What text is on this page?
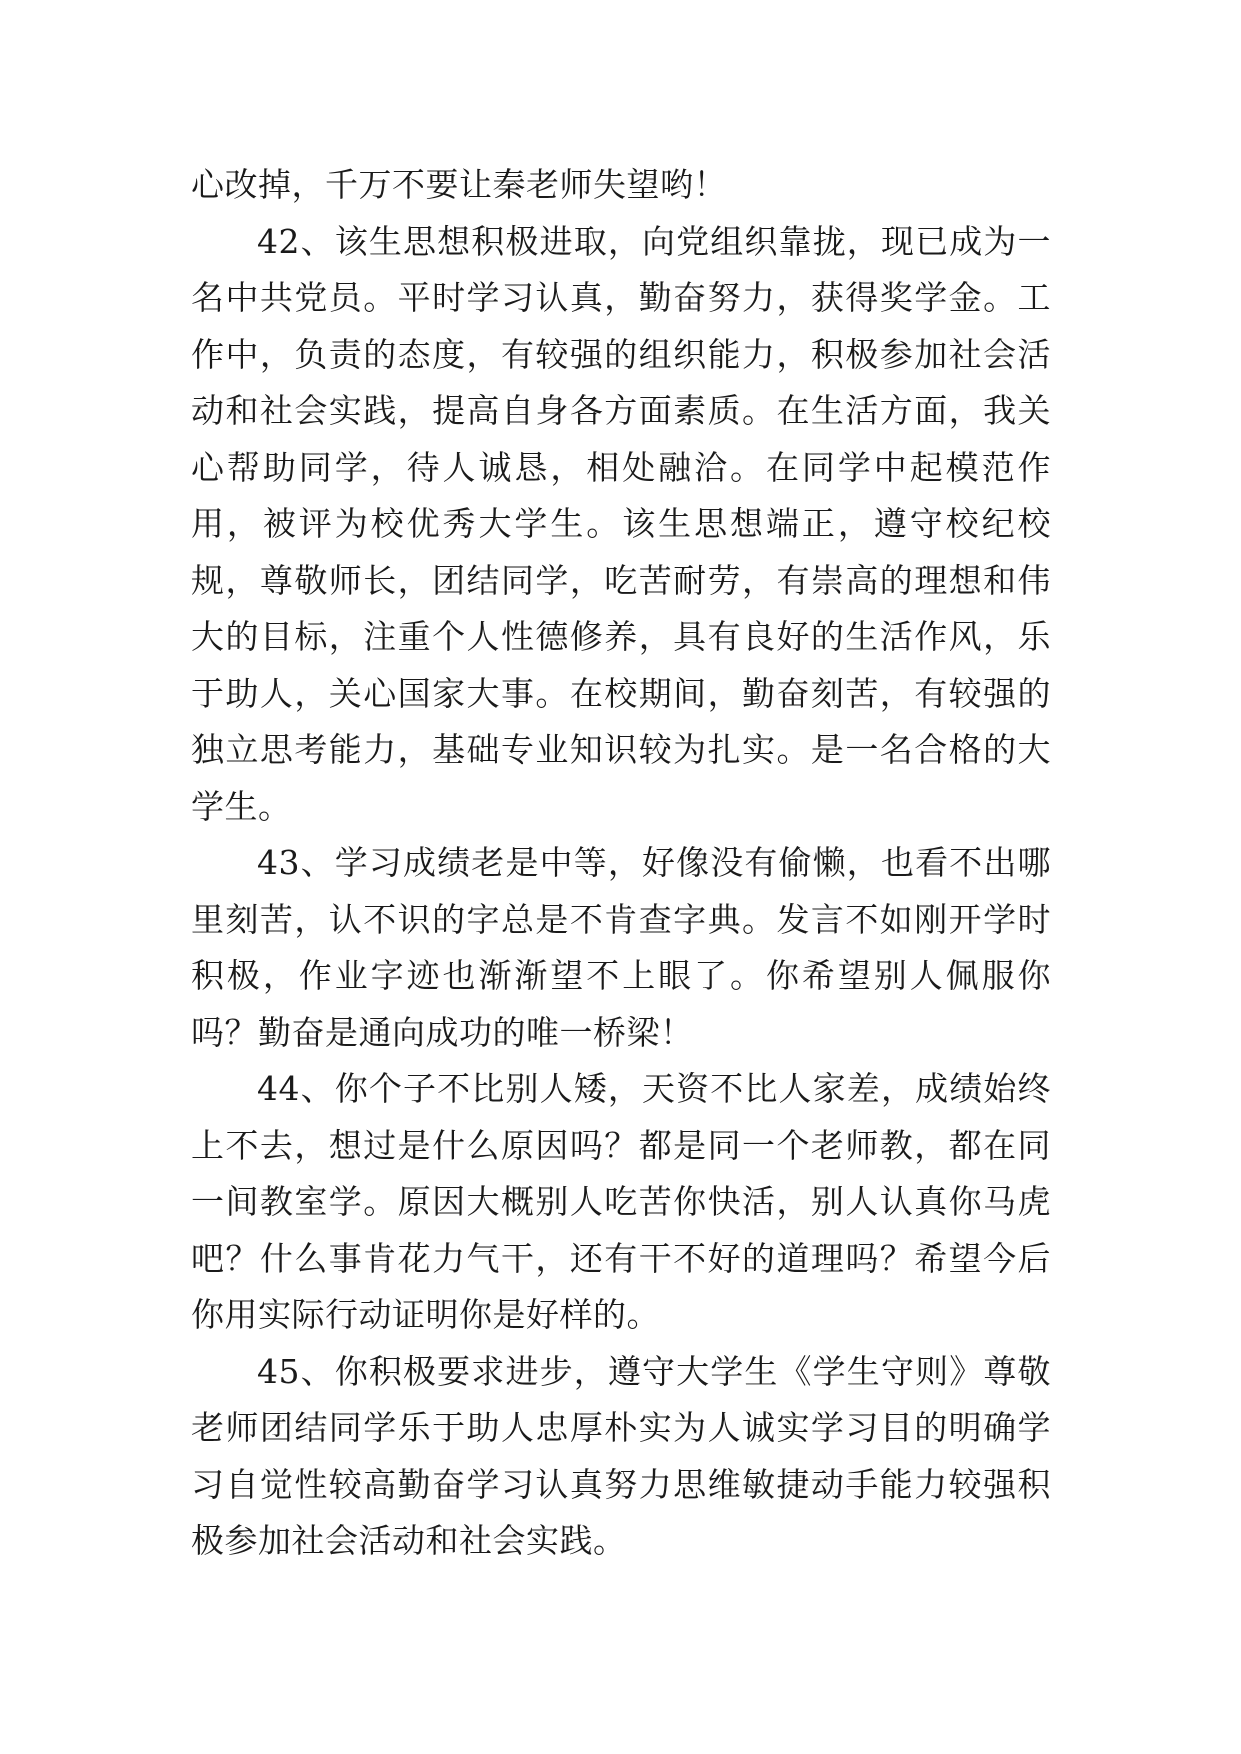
心改掉，千万不要让秦老师失望哟！

42、该生思想积极进取，向党组织靠拢，现已成为一名中共党员。平时学习认真，勤奋努力，获得奖学金。工作中，负责的态度，有较强的组织能力，积极参加社会活动和社会实践，提高自身各方面素质。在生活方面，我关心帮助同学，待人诚恳，相处融洽。在同学中起模范作用，被评为校优秀大学生。该生思想端正，遵守校纪校规，尊敬师长，团结同学，吃苦耐劳，有崇高的理想和伟大的目标，注重个人性德修养，具有良好的生活作风，乐于助人，关心国家大事。在校期间，勤奋刻苦，有较强的独立思考能力，基础专业知识较为扎实。是一名合格的大学生。

43、学习成绩老是中等，好像没有偷懒，也看不出哪里刻苦，认不识的字总是不肯查字典。发言不如刚开学时积极，作业字迹也渐渐望不上眼了。你希望别人佩服你吗？勤奋是通向成功的唯一桥梁！

44、你个子不比别人矮，天资不比人家差，成绩始终上不去，想过是什么原因吗？都是同一个老师教，都在同一间教室学。原因大概别人吃苦你快活，别人认真你马虎吧？什么事肯花力气干，还有干不好的道理吗？希望今后你用实际行动证明你是好样的。

45、你积极要求进步，遵守大学生《学生守则》尊敬老师团结同学乐于助人忠厚朴实为人诚实学习目的明确学习自觉性较高勤奋学习认真努力思维敏捷动手能力较强积极参加社会活动和社会实践。
